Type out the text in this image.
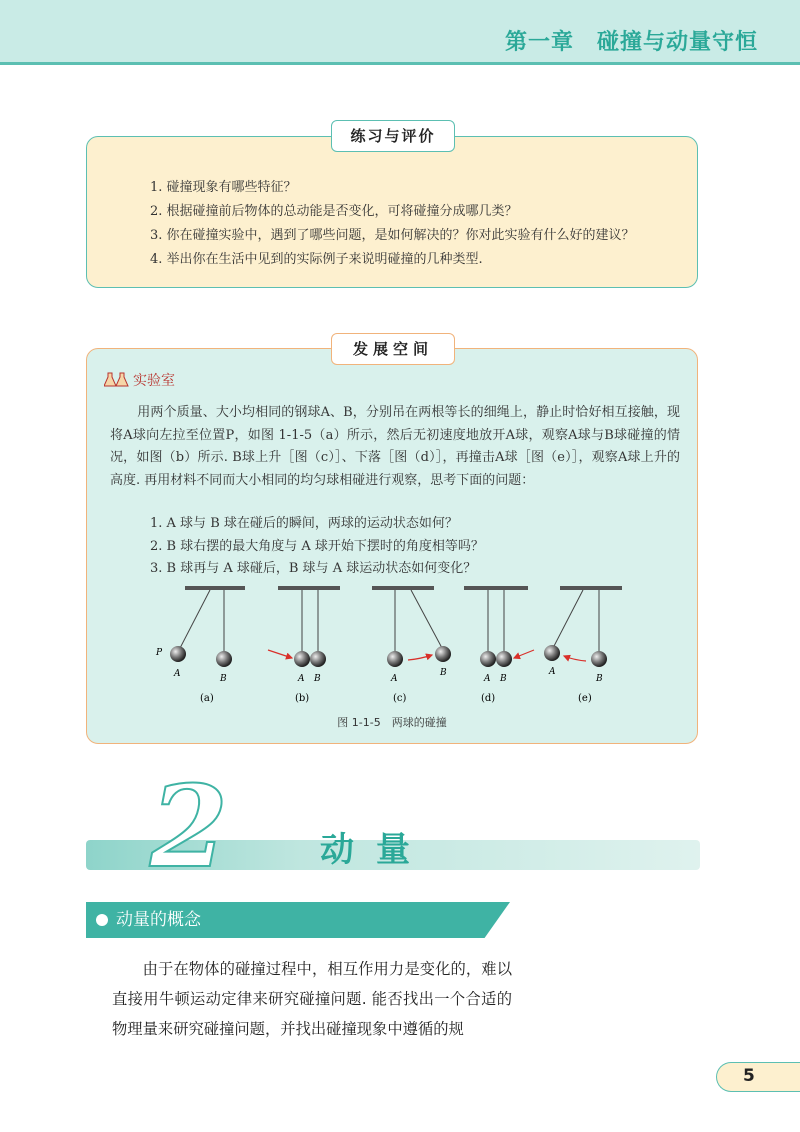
第一章　碰撞与动量守恒
练习与评价
1. 碰撞现象有哪些特征？
2. 根据碰撞前后物体的总动能是否变化，可将碰撞分成哪几类？
3. 你在碰撞实验中，遇到了哪些问题，是如何解决的？你对此实验有什么好的建议？
4. 举出你在生活中见到的实际例子来说明碰撞的几种类型.
发展空间
实验室

用两个质量、大小均相同的钢球A、B，分别吊在两根等长的细绳上，静止时恰好相互接触，现将A球向左拉至位置P，如图 1-1-5（a）所示，然后无初速度地放开A球，观察A球与B球碰撞的情况，如图（b）所示. B球上升［图（c）］、下落［图（d）］，再撞击A球［图（e）］，观察A球上升的高度. 再用材料不同而大小相同的均匀球相碰进行观察，思考下面的问题：

1. A 球与 B 球在碰后的瞬间，两球的运动状态如何？
2. B 球右摆的最大角度与 A 球开始下摆时的角度相等吗？
3. B 球再与 A 球碰后，B 球与 A 球运动状态如何变化？
P
A	B
(a)
A B
(b)
A
B
(c)
A B
(d)
A
B
(e)
图 1-1-5　两球的碰撞
2	动量
动量的概念

由于在物体的碰撞过程中，相互作用力是变化的，难以直接用牛顿运动定律来研究碰撞问题. 能否找出一个合适的物理量来研究碰撞问题，并找出碰撞现象中遵循的规

5
